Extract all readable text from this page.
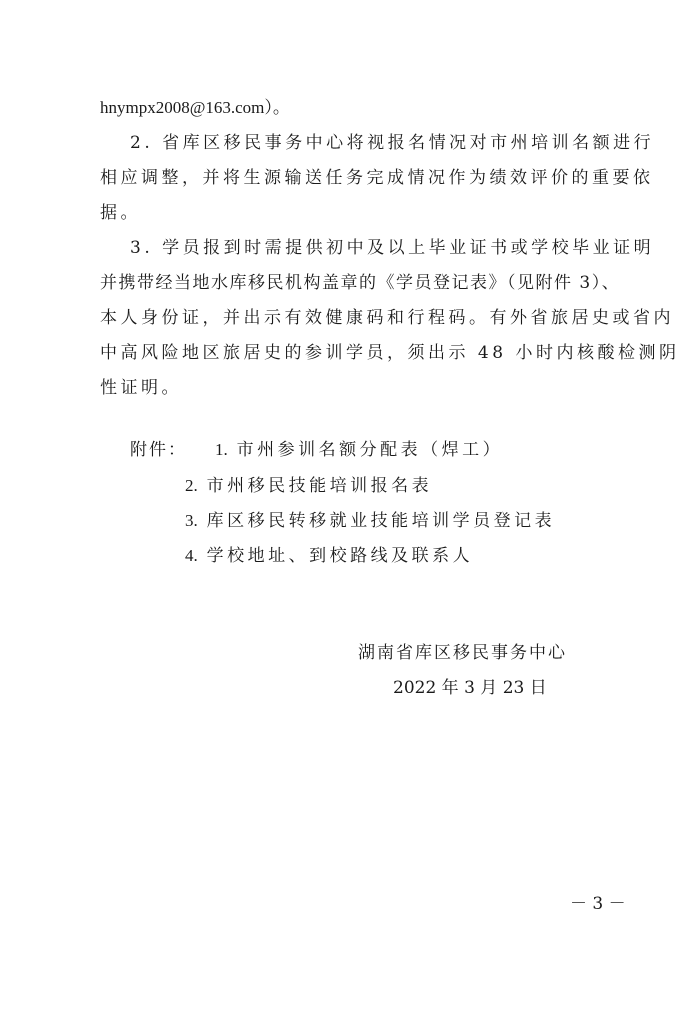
hnympx2008@163.com）。
2. 省库区移民事务中心将视报名情况对市州培训名额进行
相应调整，并将生源输送任务完成情况作为绩效评价的重要依
据。
3. 学员报到时需提供初中及以上毕业证书或学校毕业证明
并携带经当地水库移民机构盖章的《学员登记表》（见附件 3）、
本人身份证，并出示有效健康码和行程码。有外省旅居史或省内
中高风险地区旅居史的参训学员，须出示 48 小时内核酸检测阴
性证明。
附件： 1. 市州参训名额分配表（焊工）
2. 市州移民技能培训报名表
3. 库区移民转移就业技能培训学员登记表
4. 学校地址、到校路线及联系人
湖南省库区移民事务中心
2022 年 3 月 23 日
－ 3 －
